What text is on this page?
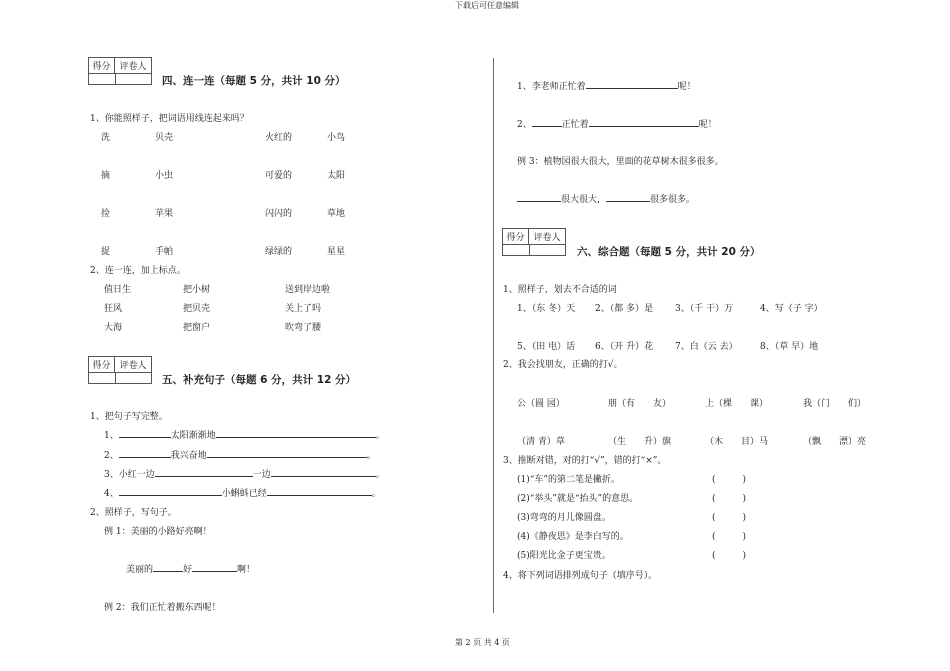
下载后可任意编辑
得分 评卷人
四、连一连（每题 5 分，共计 10 分）
1、你能照样子，把词语用线连起来吗？
洗	贝壳	火红的	小鸟
摘	小虫	可爱的	太阳
捡	苹果	闪闪的	草地
捉	手帕	绿绿的	星星
2、连一连，加上标点。
值日生	把小树	送到岸边啦
狂风	把贝壳	关上了吗
大海	把窗户	吹弯了腰
得分 评卷人
五、补充句子（每题 6 分，共计 12 分）
1、把句子写完整。
1、	太阳渐渐地	。
2、	我兴奋地	。
3、小红一边	一边	。
4、	小蝌蚪已经	。
2、照样子，写句子。
例 1：美丽的小路好亮啊！
美丽的	好	啊！
例 2：我们正忙着搬东西呢！
1、李老师正忙着	呢！
2、	正忙着	呢！
例 3：植物园很大很大，里面的花草树木很多很多。
很大很大，	很多很多。
得分 评卷人
六、综合题（每题 5 分，共计 20 分）
1、照样子，划去不合适的词
1、（东 冬）天 2、（都 多）是 3、（千 干）万	4、写（子 字）
5、（田 电）话 6、（开 升）花 7、白（云 去） 8、（草 早）地
2、我会找朋友，正确的打√。
公（圆 园）	朋（有　　友）	上（棵　　课）	我（门　　们）
（清 青）草	（生　　升）旗	（木　　目）马	（飘　　漂）亮
3、推断对错，对的打“√”，错的打“×”。
(1)“车”的第二笔是撇折。	(　　　)
(2)“举头”就是“抬头”的意思。	(　　　)
(3)弯弯的月儿像圆盘。	(　　　)
(4)《静夜思》是李白写的。	(　　　)
(5)阳光比金子更宝贵。	(　　　)
4、将下列词语排列成句子（填序号）。
第 2 页 共 4 页
